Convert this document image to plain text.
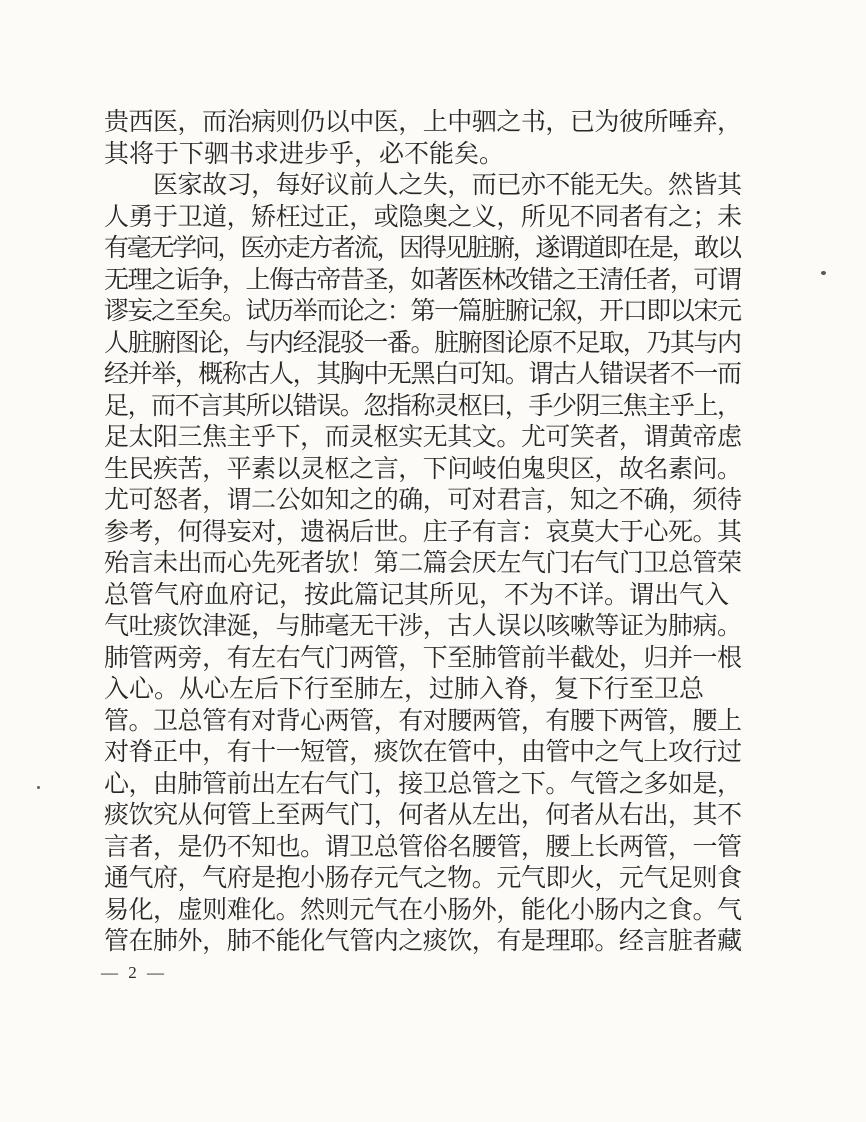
贵西医，而治病则仍以中医，上中驷之书，已为彼所唾弃，
其将于下驷书求进步乎，必不能矣。
　　医家故习，每好议前人之失，而已亦不能无失。然皆其
人勇于卫道，矫枉过正，或隐奥之义，所见不同者有之；未
有毫无学问，医亦走方者流，因得见脏腑，遂谓道即在是，敢以
无理之诟争，上侮古帝昔圣，如著医林改错之王清任者，可谓
谬妄之至矣。试历举而论之：第一篇脏腑记叙，开口即以宋元
人脏腑图论，与内经混驳一番。脏腑图论原不足取，乃其与内
经并举，概称古人，其胸中无黑白可知。谓古人错误者不一而
足，而不言其所以错误。忽指称灵枢曰，手少阴三焦主乎上，
足太阳三焦主乎下，而灵枢实无其文。尤可笑者，谓黄帝虑
生民疾苦，平素以灵枢之言，下问岐伯鬼臾区，故名素问。
尤可怒者，谓二公如知之的确，可对君言，知之不确，须待
参考，何得妄对，遗祸后世。庄子有言：哀莫大于心死。其
殆言未出而心先死者欤！第二篇会厌左气门右气门卫总管荣
总管气府血府记，按此篇记其所见，不为不详。谓出气入
气吐痰饮津涎，与肺毫无干涉，古人误以咳嗽等证为肺病。
肺管两旁，有左右气门两管，下至肺管前半截处，归并一根
入心。从心左后下行至肺左，过肺入脊，复下行至卫总
管。卫总管有对背心两管，有对腰两管，有腰下两管，腰上
对脊正中，有十一短管，痰饮在管中，由管中之气上攻行过
心，由肺管前出左右气门，接卫总管之下。气管之多如是，
痰饮究从何管上至两气门，何者从左出，何者从右出，其不
言者，是仍不知也。谓卫总管俗名腰管，腰上长两管，一管
通气府，气府是抱小肠存元气之物。元气即火，元气足则食
易化，虚则难化。然则元气在小肠外，能化小肠内之食。气
管在肺外，肺不能化气管内之痰饮，有是理耶。经言脏者藏
— 2 —
